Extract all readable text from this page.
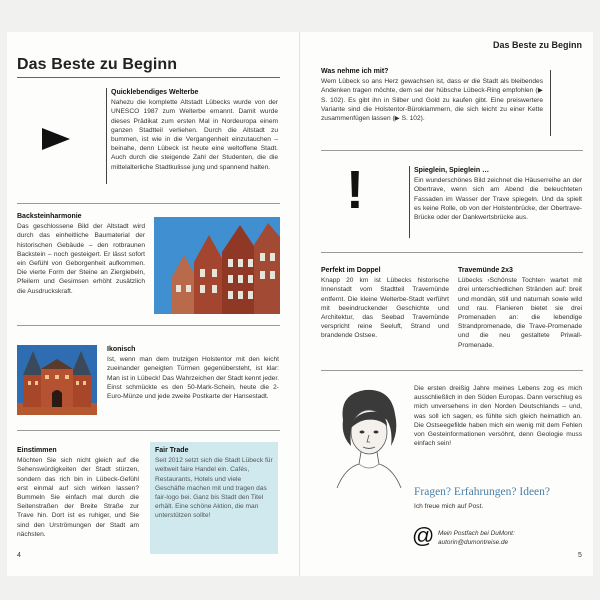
Das Beste zu Beginn
Das Beste zu Beginn
Quicklebendiges Welterbe
Nahezu die komplette Altstadt Lübecks wurde von der UNESCO 1987 zum Welterbe ernannt. Damit wurde dieses Prädikat zum ersten Mal in Nordeuropa einem ganzen Stadtteil verliehen. Durch die Altstadt zu bummen, ist wie in die Vergangenheit einzutauchen – beinahe, denn Lübeck ist heute eine weltoffene Stadt. Auch durch die steigende Zahl der Studenten, die die mittelalterliche Stadtkulisse jung und spannend halten.
Backsteinharmonie
Das geschlossene Bild der Altstadt wird durch das einheitliche Baumaterial der historischen Gebäude – den rotbraunen Backstein – noch gesteigert. Er lässt sofort ein Gefühl von Geborgenheit aufkommen. Die vierte Form der Steine an Ziergiebeln, Pfeilern und Gesimsen erhöht zusätzlich die Ausdruckskraft.
Ikonisch
Ist, wenn man dem trutzigen Holstentor mit den leicht zueinander geneigten Türmen gegenübersteht, ist klar: Man ist in Lübeck! Das Wahrzeichen der Stadt kennt jeder. Einst schmückte es den 50-Mark-Schein, heute die 2-Euro-Münze und jede zweite Postkarte der Hansestadt.
Einstimmen
Möchten Sie sich nicht gleich auf die Sehenswürdigkeiten der Stadt stürzen, sondern das rich bin in Lübeck-Gefühl erst einmal auf sich wirken lassen? Bummeln Sie einfach mal durch die Seitenstraßen der Breite Straße zur Trave hin. Dort ist es ruhiger, und Sie sind den Urströmungen der Stadt am nächsten.
Fair Trade
Seit 2012 setzt sich die Stadt Lübeck für weltweit faire Handel ein. Cafés, Restaurants, Hotels und viele Geschäfte machen mit und tragen das fair-logo bei. Ganz bis Stadt den Titel erhält. Eine schöne Aktion, die man unterstützen sollte!
4
Was nehme ich mit?
Wem Lübeck so ans Herz gewachsen ist, dass er die Stadt als bleibendes Andenken tragen möchte, dem sei der hübsche Lübeck-Ring empfohlen (▶ S. 102). Es gibt ihn in Silber und Gold zu kaufen gibt. Eine preiswertere Variante sind die Holstentor-Büroklammern, die sich leicht zu einer Kette zusammenfügen lassen (▶ S. 102).
!	Spieglein, Spieglein …
Ein wunderschönes Bild zeichnet die Häuserreihe an der Obertrave, wenn sich am Abend die beleuchteten Fassaden im Wasser der Trave spiegeln. Und da spielt es keine Rolle, ob von der Holstenbrücke, der Obertrave-Brücke oder der Dankwertsbrücke aus.
Perfekt im Doppel
Knapp 20 km ist Lübecks historische Innenstadt vom Stadtteil Travemünde entfernt. Die kleine Welterbe-Stadt verführt mit beeindruckender Geschichte und Architektur, das Seebad Travemünde verspricht reine Seeluft, Strand und brandende Ostsee.
Travemünde 2x3
Lübecks ›Schönste Tochter‹ wartet mit drei unterschiedlichen Stränden auf: breit und mondän, still und naturnah sowie wild und rau. Flanieren bietet sie drei Promenaden an: die lebendige Strandpromenade, die Trave-Promenade und die neu gestaltete Priwall-Promenade.
Die ersten dreißig Jahre meines Lebens zog es mich ausschließlich in den Süden Europas. Dann verschlug es mich unversehens in den Norden Deutschlands – und, was soll ich sagen, es fühlte sich gleich heimatlich an. Die Ostseegefilde haben mich ein wenig mit dem Fehlen von Gesteinformationen versöhnt, denn Geologie muss einfach sein!
Fragen? Erfahrungen? Ideen?
Ich freue mich auf Post.
@ Mein Postfach bei DuMont:
autorin@dumontreise.de
5
